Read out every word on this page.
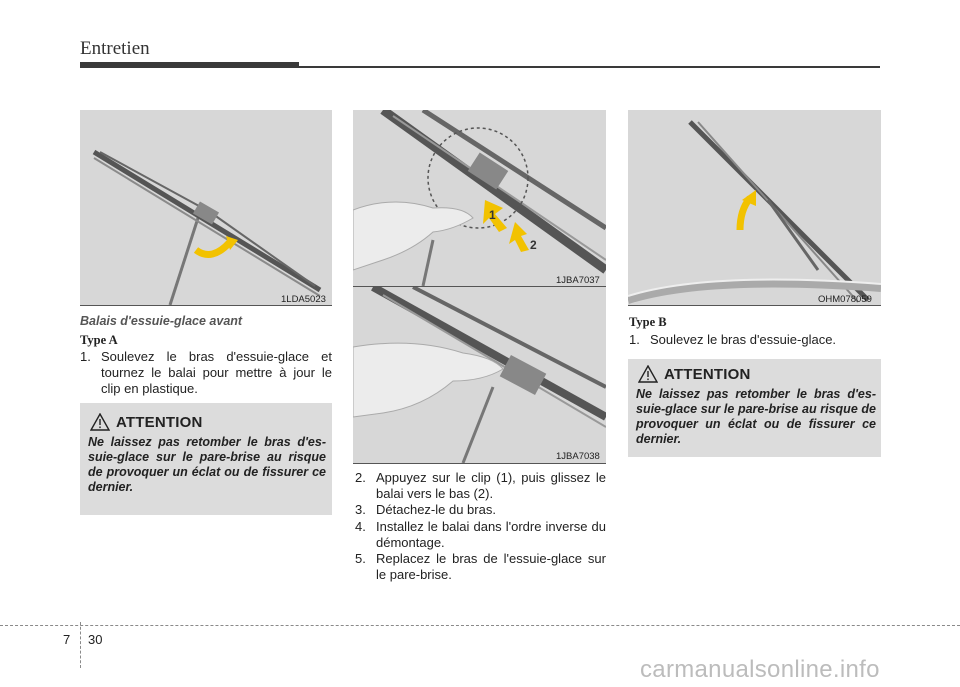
Entretien
1LDA5023
1
2
1JBA7037
1JBA7038
OHM078059
Balais d'essuie-glace avant
Type A
1. Soulevez le bras d'essuie-glace et tournez le balai pour mettre à jour le clip en plastique.
ATTENTION
Ne laissez pas retomber le bras d'es-suie-glace sur le pare-brise au risque de provoquer un éclat ou de fissurer ce dernier.
2. Appuyez sur le clip (1), puis glissez le balai vers le bas (2).
3. Détachez-le du bras.
4. Installez le balai dans l'ordre inverse du démontage.
5. Replacez le bras de l'essuie-glace sur le pare-brise.
Type B
1. Soulevez le bras d'essuie-glace.
ATTENTION
Ne laissez pas retomber le bras d'es-suie-glace sur le pare-brise au risque de provoquer un éclat ou de fissurer ce dernier.
7 30
carmanualsonline.info
